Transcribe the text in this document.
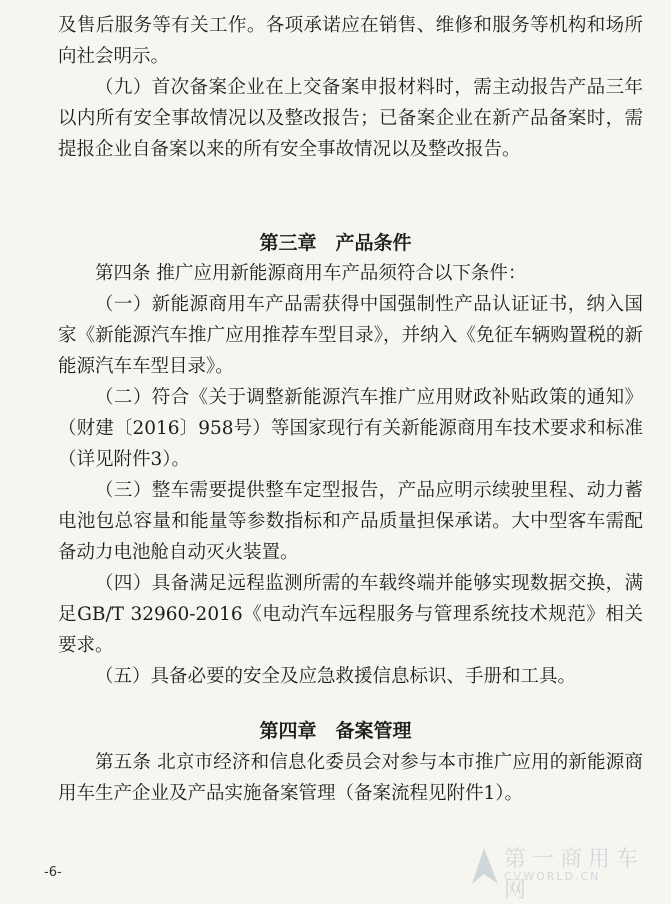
及售后服务等有关工作。各项承诺应在销售、维修和服务等机构和场所向社会明示。

（九）首次备案企业在上交备案申报材料时，需主动报告产品三年以内所有安全事故情况以及整改报告；已备案企业在新产品备案时，需提报企业自备案以来的所有安全事故情况以及整改报告。

第三章　产品条件

第四条 推广应用新能源商用车产品须符合以下条件：

（一）新能源商用车产品需获得中国强制性产品认证证书，纳入国家《新能源汽车推广应用推荐车型目录》，并纳入《免征车辆购置税的新能源汽车车型目录》。

（二）符合《关于调整新能源汽车推广应用财政补贴政策的通知》（财建〔2016〕958号）等国家现行有关新能源商用车技术要求和标准（详见附件3）。

（三）整车需要提供整车定型报告，产品应明示续驶里程、动力蓄电池包总容量和能量等参数指标和产品质量担保承诺。大中型客车需配备动力电池舱自动灭火装置。

（四）具备满足远程监测所需的车载终端并能够实现数据交换，满足GB/T 32960-2016《电动汽车远程服务与管理系统技术规范》相关要求。

（五）具备必要的安全及应急救援信息标识、手册和工具。

第四章　备案管理

第五条 北京市经济和信息化委员会对参与本市推广应用的新能源商用车生产企业及产品实施备案管理（备案流程见附件1）。

-6-
第一商用车网
CVWORLD.CN
